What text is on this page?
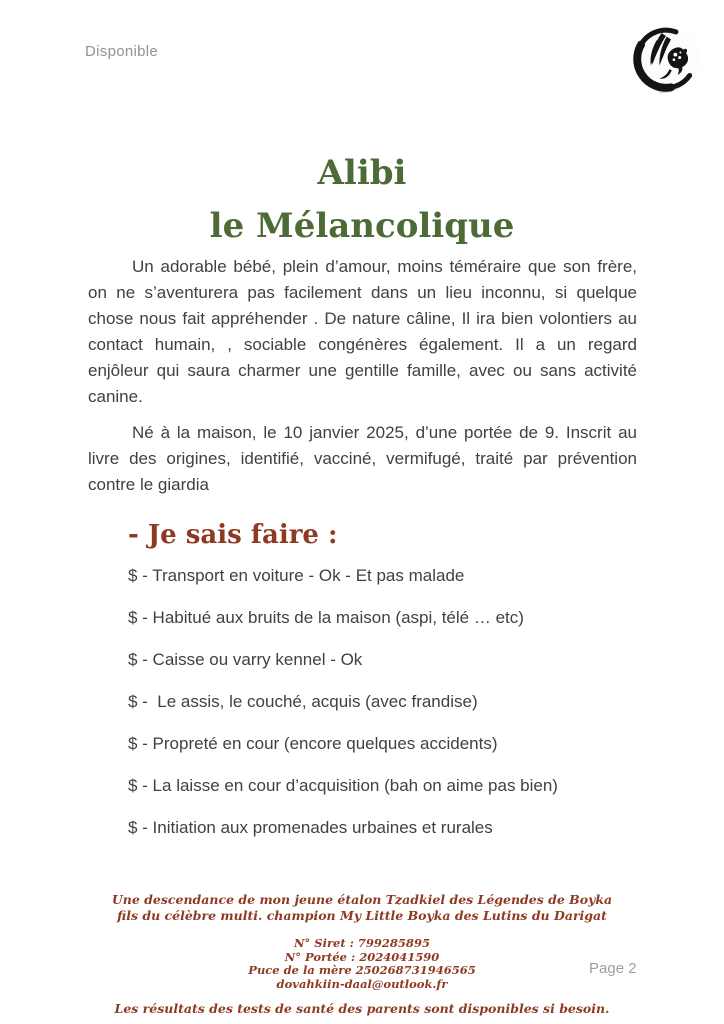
Disponible
Alibi
le Mélancolique

Un adorable bébé, plein d’amour, moins téméraire que son frère, on ne s’aventurera pas facilement dans un lieu inconnu, si quelque chose nous fait appréhender . De nature câline, Il ira bien volontiers au contact humain, , sociable congénères également. Il a un regard enjôleur qui saura charmer une gentille famille, avec ou sans activité canine.

Né à la maison, le 10 janvier 2025, d’une portée de 9. Inscrit au livre des origines, identifié, vacciné, vermifugé, traité par prévention contre le giardia

- Je sais faire :
$ - Transport en voiture - Ok - Et pas malade
$ - Habitué aux bruits de la maison (aspi, télé … etc)
$ - Caisse ou varry kennel - Ok
$ -  Le assis, le couché, acquis (avec frandise)
$ - Propreté en cour (encore quelques accidents)
$ - La laisse en cour d’acquisition (bah on aime pas bien)
$ - Initiation aux promenades urbaines et rurales
Une descendance de mon jeune étalon Tzadkiel des Légendes de Boyka fils du célèbre multi. champion My Little Boyka des Lutins du Darigat
N° Siret : 799285895
N° Portée : 2024041590
Puce de la mère 250268731946565
dovahkiin-daal@outlook.fr
Page 2
Les résultats des tests de santé des parents sont disponibles si besoin.
